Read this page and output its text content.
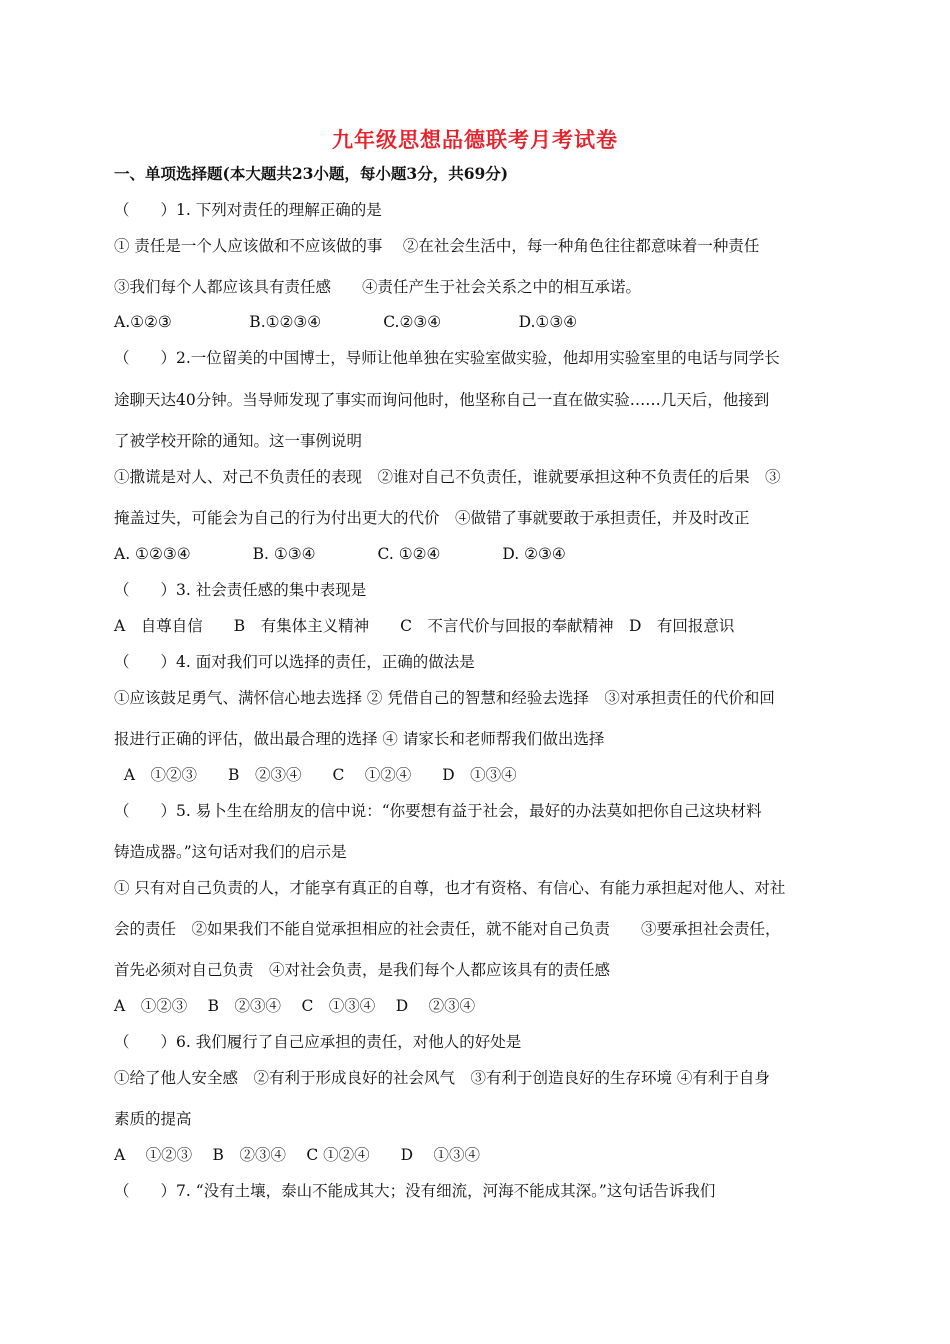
九年级思想品德联考月考试卷
一、单项选择题(本大题共23小题，每小题3分，共69分)
（　　）1. 下列对责任的理解正确的是
① 责任是一个人应该做和不应该做的事　 ②在社会生活中，每一种角色往往都意味着一种责任
③我们每个人都应该具有责任感　　④责任产生于社会关系之中的相互承诺。
A.①②③　　　　　B.①②③④　　　　C.②③④　　　　　D.①③④
（　　）2.一位留美的中国博士，导师让他单独在实验室做实验，他却用实验室里的电话与同学长
途聊天达40分钟。当导师发现了事实而询问他时，他坚称自己一直在做实验……几天后，他接到
了被学校开除的通知。这一事例说明
①撒谎是对人、对己不负责任的表现　②谁对自己不负责任，谁就要承担这种不负责任的后果　③
掩盖过失，可能会为自己的行为付出更大的代价　④做错了事就要敢于承担责任，并及时改正
A. ①②③④　　　　B. ①③④　　　　C. ①②④　　　　D. ②③④
（　　）3. 社会责任感的集中表现是
A　自尊自信　　B　有集体主义精神　　C　不言代价与回报的奉献精神　D　有回报意识
（　　）4. 面对我们可以选择的责任，正确的做法是
①应该鼓足勇气、满怀信心地去选择 ② 凭借自己的智慧和经验去选择　③对承担责任的代价和回
报进行正确的评估，做出最合理的选择 ④ 请家长和老师帮我们做出选择
A　①②③　　B　②③④　　C　 ①②④　　D　①③④
（　　）5. 易卜生在给朋友的信中说：“你要想有益于社会，最好的办法莫如把你自己这块材料
铸造成器。”这句话对我们的启示是
① 只有对自己负责的人，才能享有真正的自尊，也才有资格、有信心、有能力承担起对他人、对社
会的责任　②如果我们不能自觉承担相应的社会责任，就不能对自己负责　　③要承担社会责任，
首先必须对自己负责　④对社会负责，是我们每个人都应该具有的责任感
A　①②③　 B　②③④　 C　①③④　 D　 ②③④
（　　）6. 我们履行了自己应承担的责任，对他人的好处是
①给了他人安全感　②有利于形成良好的社会风气　③有利于创造良好的生存环境 ④有利于自身
素质的提高
A　 ①②③　 B　②③④　 C ①②④　　D　 ①③④
（　　）7. “没有土壤，泰山不能成其大；没有细流，河海不能成其深。”这句话告诉我们
